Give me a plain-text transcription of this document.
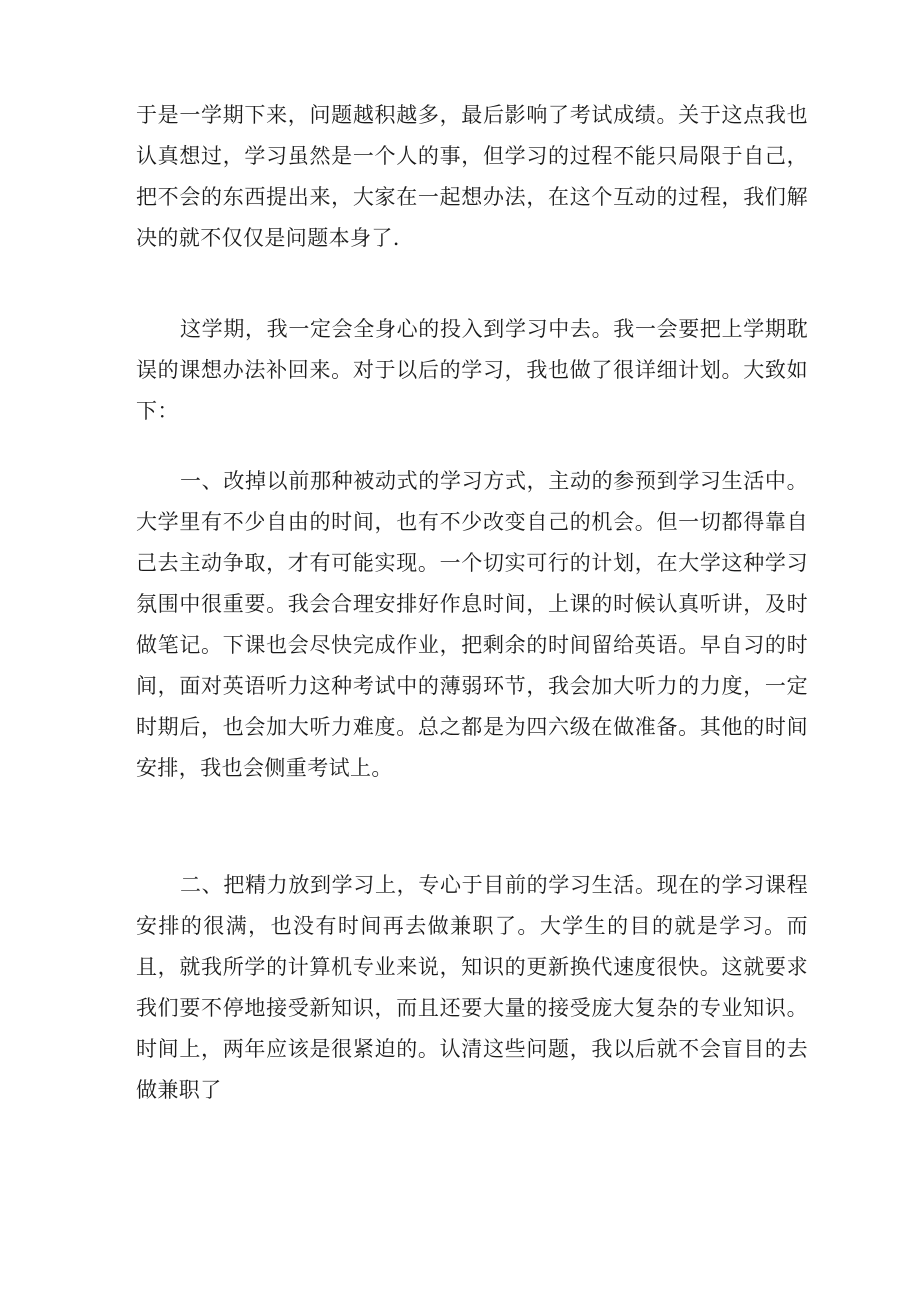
于是一学期下来，问题越积越多，最后影响了考试成绩。关于这点我也认真想过，学习虽然是一个人的事，但学习的过程不能只局限于自己，把不会的东西提出来，大家在一起想办法，在这个互动的过程，我们解决的就不仅仅是问题本身了.

这学期，我一定会全身心的投入到学习中去。我一会要把上学期耽误的课想办法补回来。对于以后的学习，我也做了很详细计划。大致如下：

一、改掉以前那种被动式的学习方式，主动的参预到学习生活中。大学里有不少自由的时间，也有不少改变自己的机会。但一切都得靠自己去主动争取，才有可能实现。一个切实可行的计划，在大学这种学习氛围中很重要。我会合理安排好作息时间，上课的时候认真听讲，及时做笔记。下课也会尽快完成作业，把剩余的时间留给英语。早自习的时间，面对英语听力这种考试中的薄弱环节，我会加大听力的力度，一定时期后，也会加大听力难度。总之都是为四六级在做准备。其他的时间安排，我也会侧重考试上。

二、把精力放到学习上，专心于目前的学习生活。现在的学习课程安排的很满，也没有时间再去做兼职了。大学生的目的就是学习。而且，就我所学的计算机专业来说，知识的更新换代速度很快。这就要求我们要不停地接受新知识，而且还要大量的接受庞大复杂的专业知识。时间上，两年应该是很紧迫的。认清这些问题，我以后就不会盲目的去做兼职了
